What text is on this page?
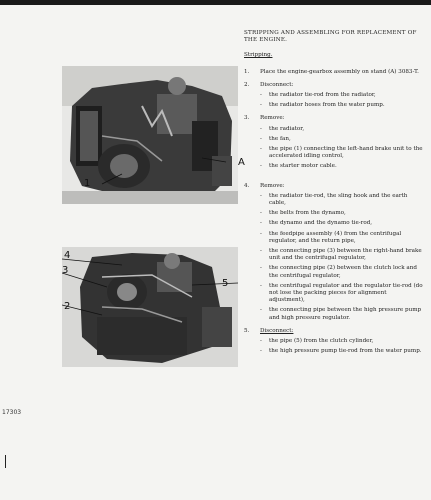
A
1
4
3
5
2
17303
STRIPPING AND ASSEMBLING FOR REPLACEMENT OF THE ENGINE.
Stripping.
1. Place the engine-gearbox assembly on stand (A) 3083-T.
2. Disconnect:
- the radiator tie-rod from the radiator,
- the radiator hoses from the water pump.
3. Remove:
- the radiator,
- the fan,
- the pipe (1) connecting the left-hand brake unit to the accelerated idling control,
- the starter motor cable.
4. Remove:
- the radiator tie-rod, the sling hook and the earth cable,
- the belts from the dynamo,
- the dynamo and the dynamo tie-rod,
- the feedpipe assembly (4) from the centrifugal regulator, and the return pipe,
- the connecting pipe (3) between the right-hand brake unit and the centrifugal regulator,
- the connecting pipe (2) between the clutch lock and the centrifugal regulator,
- the centrifugal regulator and the regulator tie-rod (do not lose the packing pieces for alignment adjustment),
- the connecting pipe between the high pressure pump and high pressure regulator.
5. Disconnect:
- the pipe (5) from the clutch cylinder,
- the high pressure pump tie-rod from the water pump.
